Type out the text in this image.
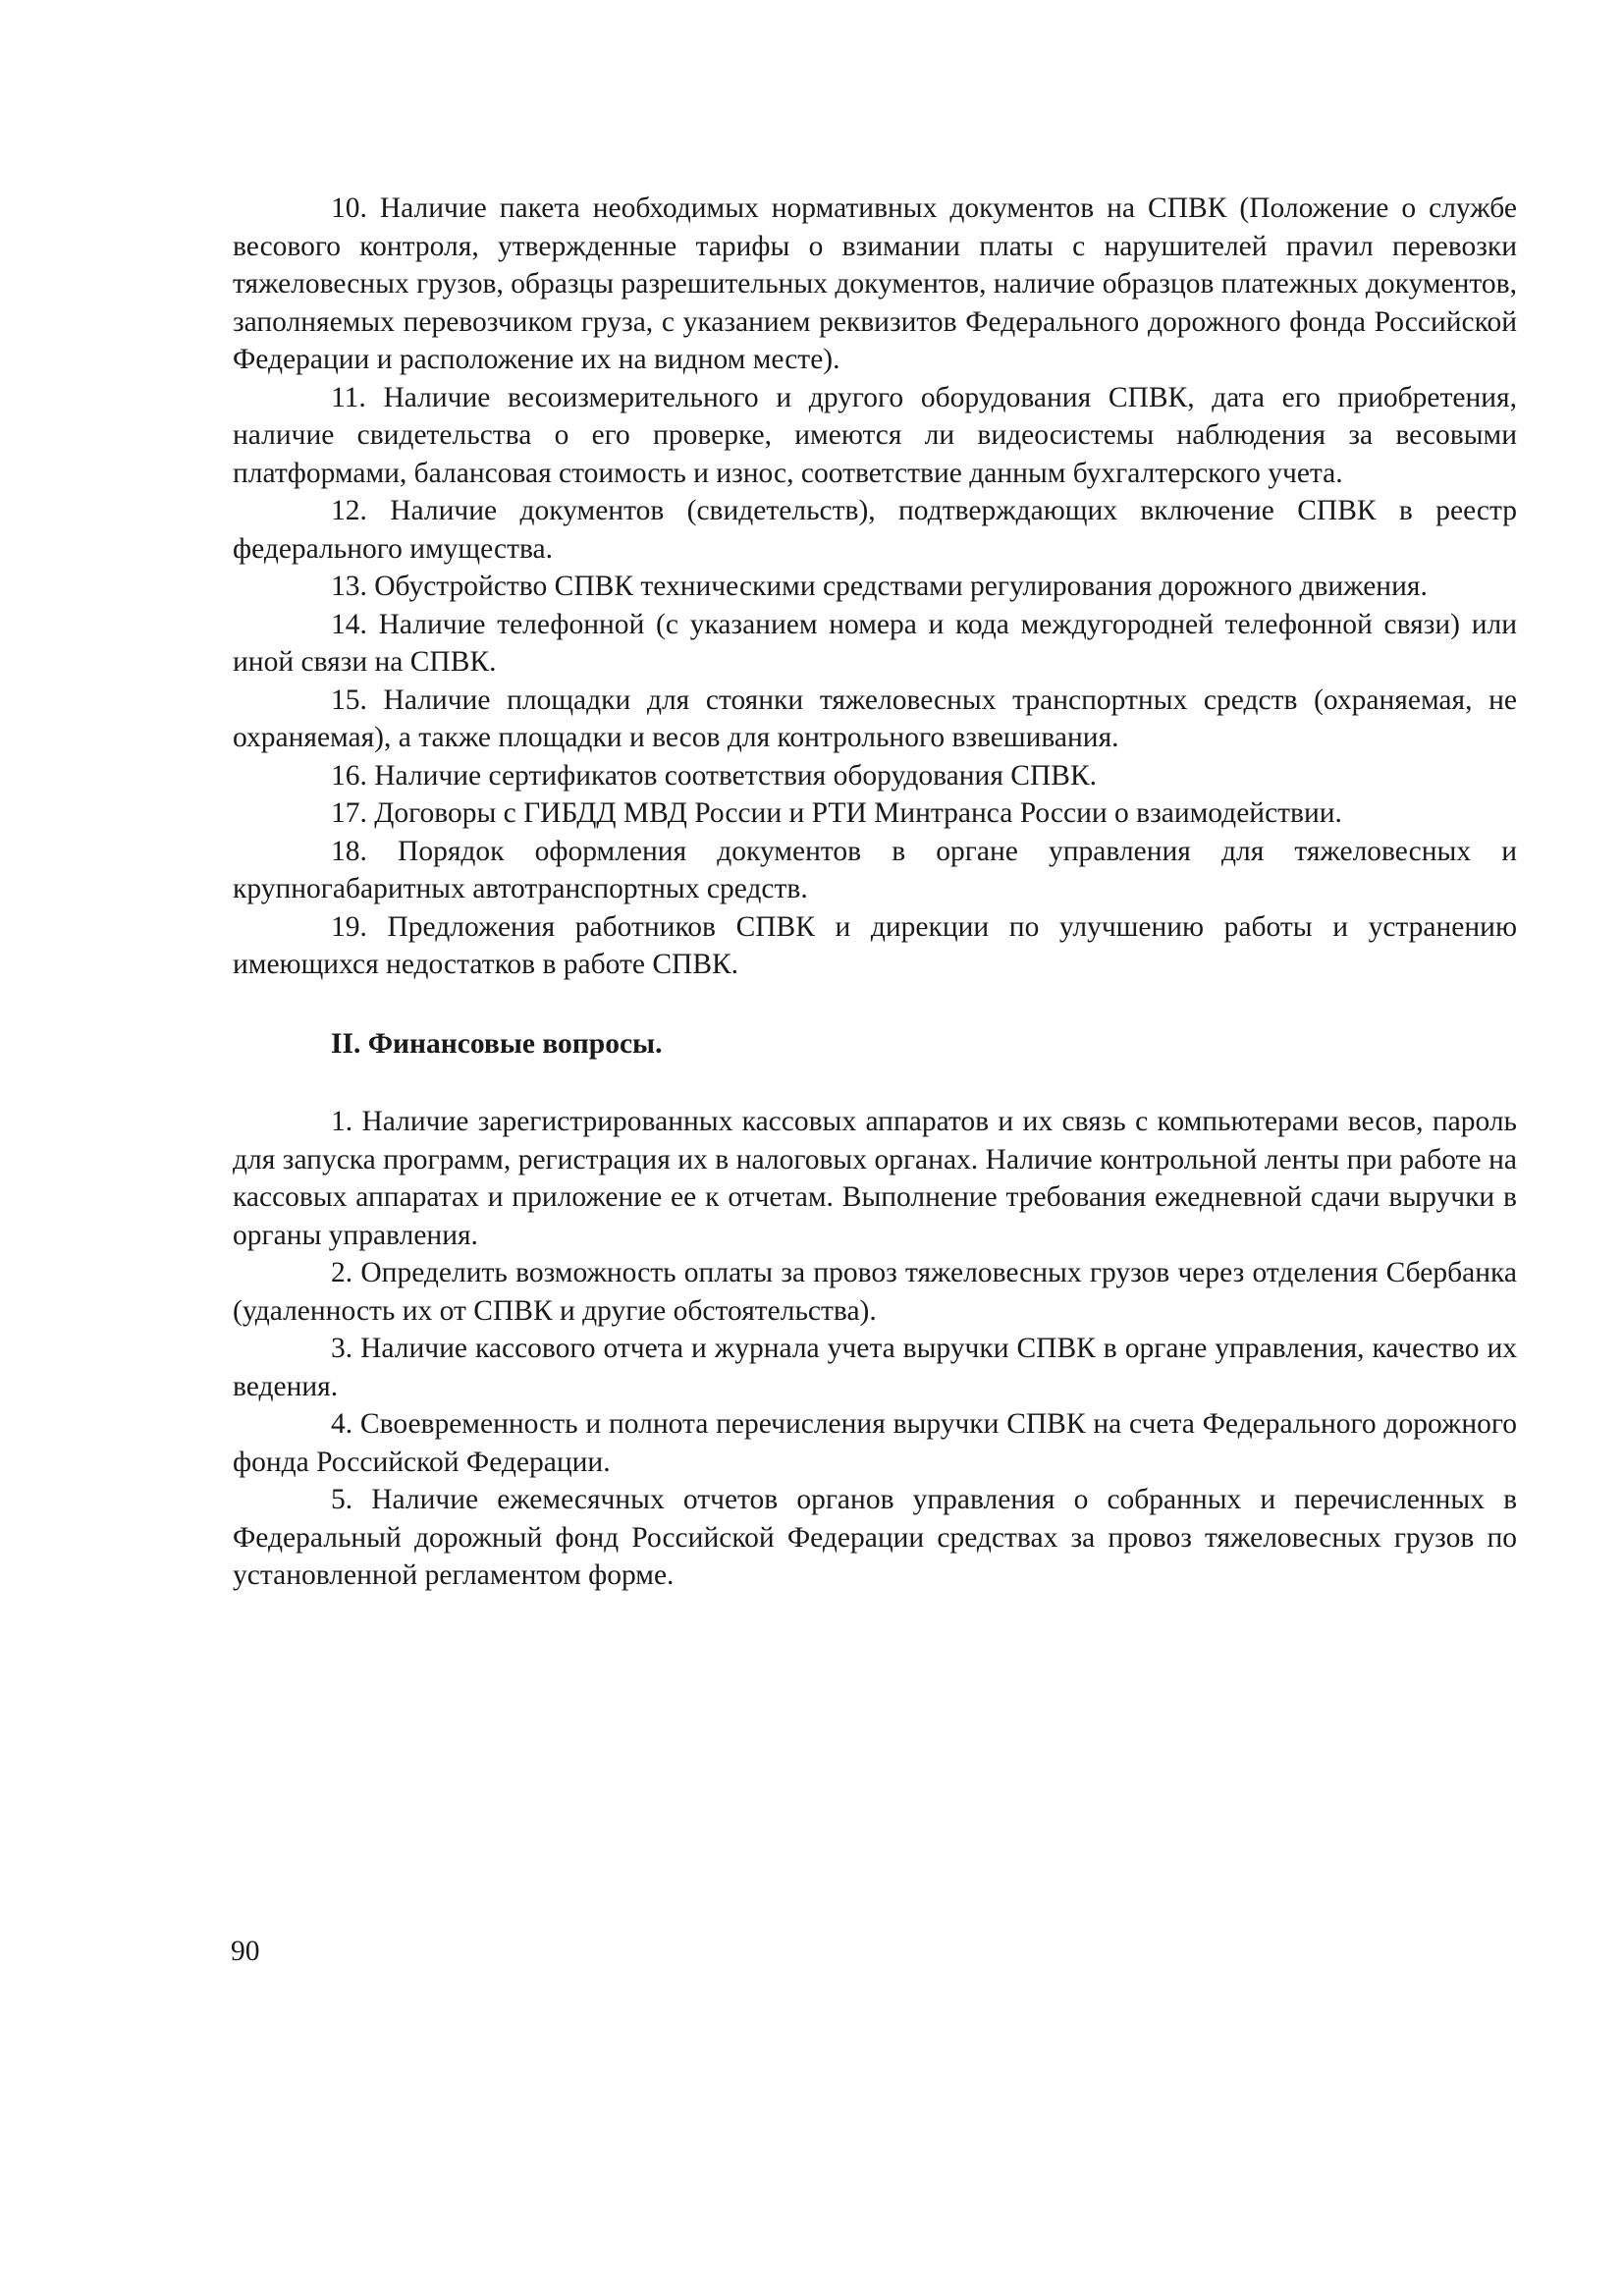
10. Наличие пакета необходимых нормативных документов на СПВК (Положение о службе весового контроля, утвержденные тарифы о взимании платы с нарушителей праvил перевозки тяжеловесных грузов, образцы разрешительных документов, наличие образцов платежных документов, заполняемых перевозчиком груза, с указанием реквизитов Федерального дорожного фонда Российской Федерации и расположение их на видном месте).

11. Наличие весоизмерительного и другого оборудования СПВК, дата его приобретения, наличие свидетельства о его проверке, имеются ли видеосистемы наблюдения за весовыми платформами, балансовая стоимость и износ, соответствие данным бухгалтерского учета.

12. Наличие документов (свидетельств), подтверждающих включение СПВК в реестр федерального имущества.

13. Обустройство СПВК техническими средствами регулирования дорожного движения.

14. Наличие телефонной (с указанием номера и кода междугородней телефонной связи) или иной связи на СПВК.

15. Наличие площадки для стоянки тяжеловесных транспортных средств (охраняемая, не охраняемая), а также площадки и весов для контрольного взвешивания.

16. Наличие сертификатов соответствия оборудования СПВК.

17. Договоры с ГИБДД МВД России и РТИ Минтранса России о взаимодействии.

18. Порядок оформления документов в органе управления для тяжеловесных и крупногабаритных автотранспортных средств.

19. Предложения работников СПВК и дирекции по улучшению работы и устранению имеющихся недостатков в работе СПВК.

II. Финансовые вопросы.

1. Наличие зарегистрированных кассовых аппаратов и их связь с компьютерами весов, пароль для запуска программ, регистрация их в налоговых органах. Наличие контрольной ленты при работе на кассовых аппаратах и приложение ее к отчетам. Выполнение требования ежедневной сдачи выручки в органы управления.

2. Определить возможность оплаты за провоз тяжеловесных грузов через отделения Сбербанка (удаленность их от СПВК и другие обстоятельства).

3. Наличие кассового отчета и журнала учета выручки СПВК в органе управления, качество их ведения.

4. Своевременность и полнота перечисления выручки СПВК на счета Федерального дорожного фонда Российской Федерации.

5. Наличие ежемесячных отчетов органов управления о собранных и перечисленных в Федеральный дорожный фонд Российской Федерации средствах за провоз тяжеловесных грузов по установленной регламентом форме.

90
